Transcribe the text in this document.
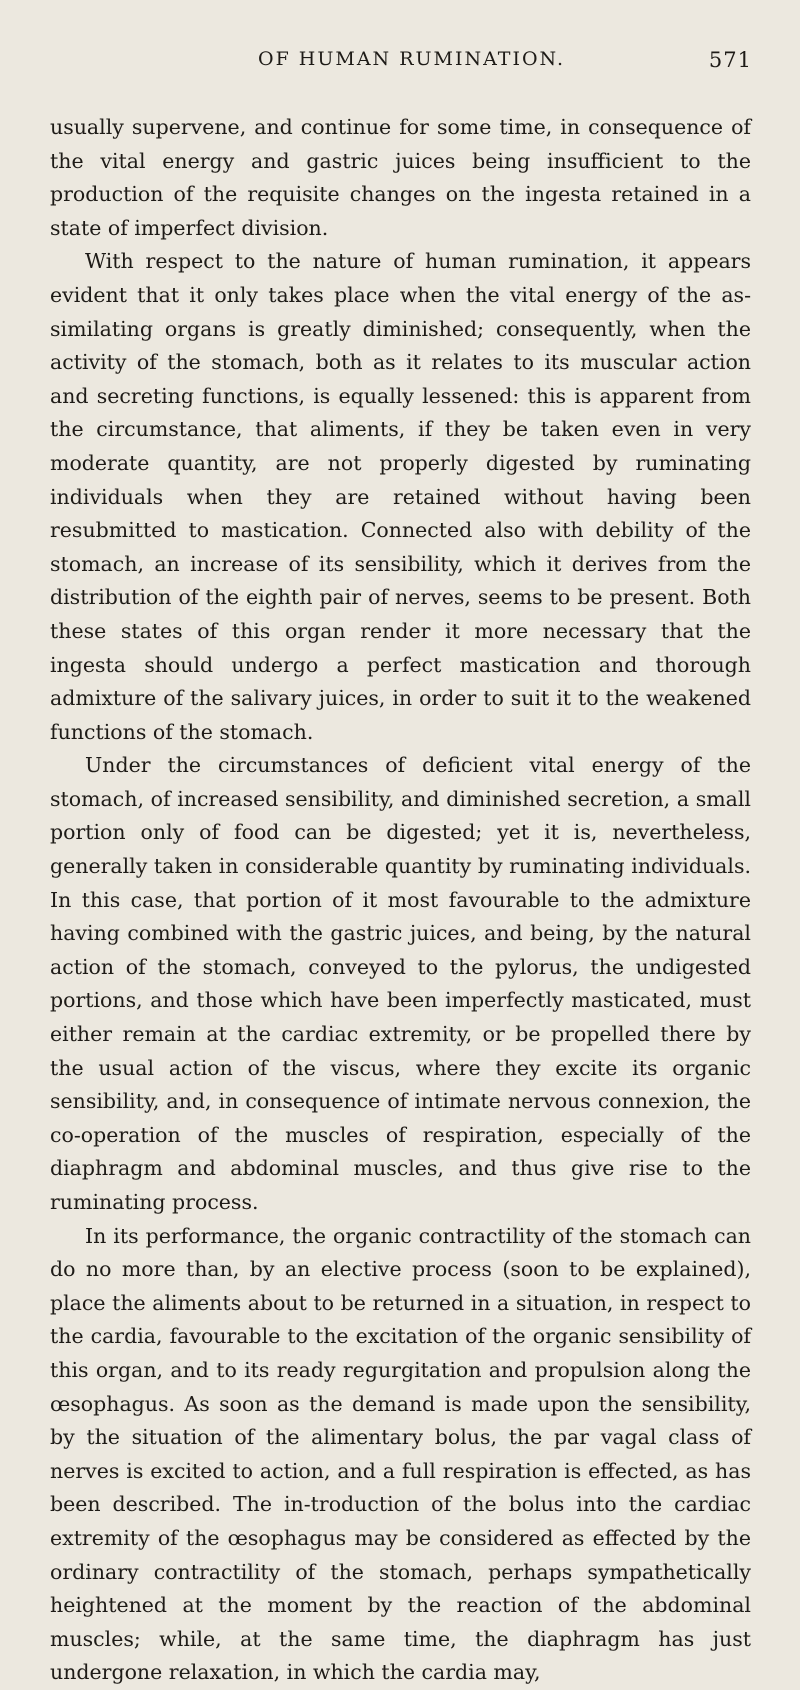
OF HUMAN RUMINATION.	571

usually supervene, and continue for some time, in consequence of the vital energy and gastric juices being insufficient to the production of the requisite changes on the ingesta retained in a state of imperfect division.

With respect to the nature of human rumination, it appears evident that it only takes place when the vital energy of the as-similating organs is greatly diminished; consequently, when the activity of the stomach, both as it relates to its muscular action and secreting functions, is equally lessened: this is apparent from the circumstance, that aliments, if they be taken even in very moderate quantity, are not properly digested by ruminating individuals when they are retained without having been resubmitted to mastication. Connected also with debility of the stomach, an increase of its sensibility, which it derives from the distribution of the eighth pair of nerves, seems to be present. Both these states of this organ render it more necessary that the ingesta should undergo a perfect mastication and thorough admixture of the salivary juices, in order to suit it to the weakened functions of the stomach.

Under the circumstances of deficient vital energy of the stomach, of increased sensibility, and diminished secretion, a small portion only of food can be digested; yet it is, nevertheless, generally taken in considerable quantity by ruminating individuals. In this case, that portion of it most favourable to the admixture having combined with the gastric juices, and being, by the natural action of the stomach, conveyed to the pylorus, the undigested portions, and those which have been imperfectly masticated, must either remain at the cardiac extremity, or be propelled there by the usual action of the viscus, where they excite its organic sensibility, and, in consequence of intimate nervous connexion, the co-operation of the muscles of respiration, especially of the diaphragm and abdominal muscles, and thus give rise to the ruminating process.

In its performance, the organic contractility of the stomach can do no more than, by an elective process (soon to be explained), place the aliments about to be returned in a situation, in respect to the cardia, favourable to the excitation of the organic sensibility of this organ, and to its ready regurgitation and propulsion along the œsophagus. As soon as the demand is made upon the sensibility, by the situation of the alimentary bolus, the par vagal class of nerves is excited to action, and a full respiration is effected, as has been described. The in-troduction of the bolus into the cardiac extremity of the œsophagus may be considered as effected by the ordinary contractility of the stomach, perhaps sympathetically heightened at the moment by the reaction of the abdominal muscles; while, at the same time, the diaphragm has just undergone relaxation, in which the cardia may,
